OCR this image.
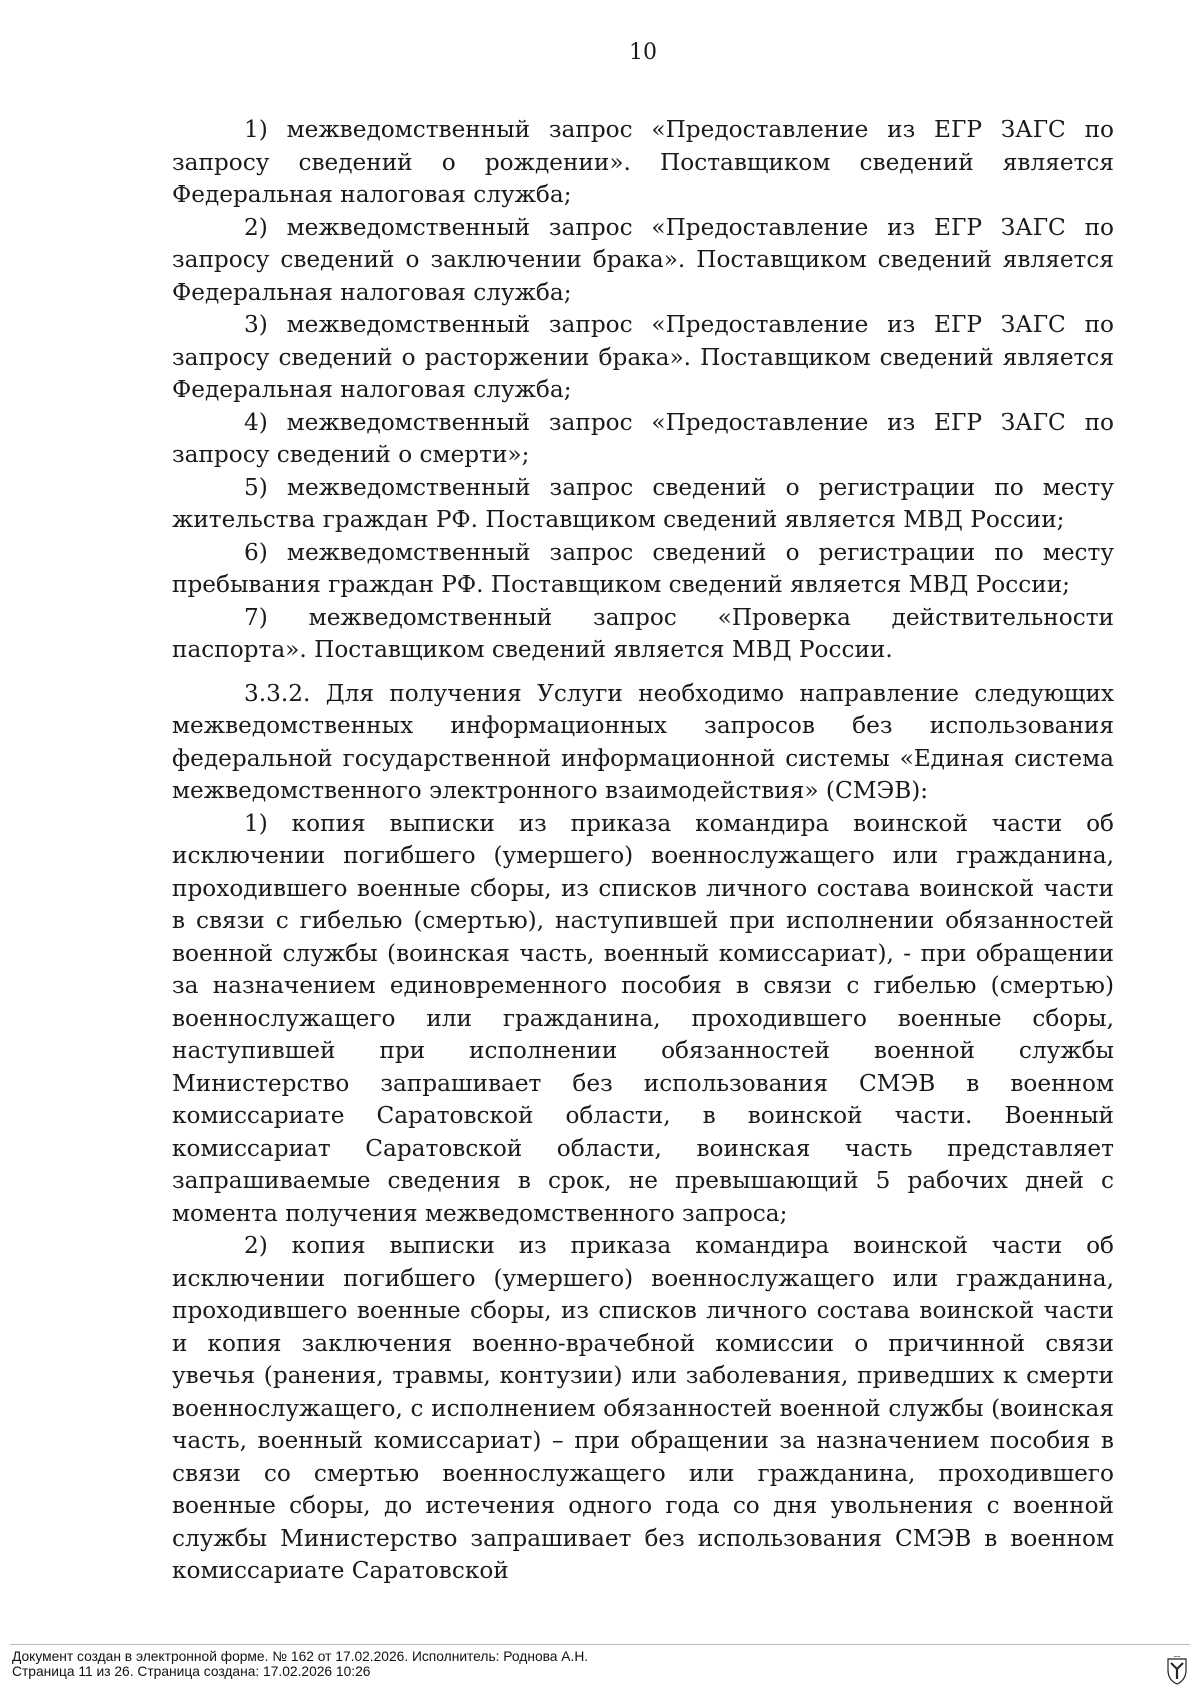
10

1) межведомственный запрос «Предоставление из ЕГР ЗАГС по запросу сведений о рождении». Поставщиком сведений является Федеральная налоговая служба;

2) межведомственный запрос «Предоставление из ЕГР ЗАГС по запросу сведений о заключении брака». Поставщиком сведений является Федеральная налоговая служба;

3) межведомственный запрос «Предоставление из ЕГР ЗАГС по запросу сведений о расторжении брака». Поставщиком сведений является Федеральная налоговая служба;

4) межведомственный запрос «Предоставление из ЕГР ЗАГС по запросу сведений о смерти»;

5) межведомственный запрос сведений о регистрации по месту жительства граждан РФ. Поставщиком сведений является МВД России;

6) межведомственный запрос сведений о регистрации по месту пребывания граждан РФ. Поставщиком сведений является МВД России;

7) межведомственный запрос «Проверка действительности паспорта». Поставщиком сведений является МВД России.

3.3.2. Для получения Услуги необходимо направление следующих межведомственных информационных запросов без использования федеральной государственной информационной системы «Единая система межведомственного электронного взаимодействия» (СМЭВ):

1) копия выписки из приказа командира воинской части об исключении погибшего (умершего) военнослужащего или гражданина, проходившего военные сборы, из списков личного состава воинской части в связи с гибелью (смертью), наступившей при исполнении обязанностей военной службы (воинская часть, военный комиссариат), - при обращении за назначением единовременного пособия в связи с гибелью (смертью) военнослужащего или гражданина, проходившего военные сборы, наступившей при исполнении обязанностей военной службы Министерство запрашивает без использования СМЭВ в военном комиссариате Саратовской области, в воинской части. Военный комиссариат Саратовской области, воинская часть представляет запрашиваемые сведения в срок, не превышающий 5 рабочих дней с момента получения межведомственного запроса;

2) копия выписки из приказа командира воинской части об исключении погибшего (умершего) военнослужащего или гражданина, проходившего военные сборы, из списков личного состава воинской части и копия заключения военно-врачебной комиссии о причинной связи увечья (ранения, травмы, контузии) или заболевания, приведших к смерти военнослужащего, с исполнением обязанностей военной службы (воинская часть, военный комиссариат) – при обращении за назначением пособия в связи со смертью военнослужащего или гражданина, проходившего военные сборы, до истечения одного года со дня увольнения с военной службы Министерство запрашивает без использования СМЭВ в военном комиссариате Саратовской

Документ создан в электронной форме. № 162 от 17.02.2026. Исполнитель: Роднова А.Н.
Страница 11 из 26. Страница создана: 17.02.2026 10:26
